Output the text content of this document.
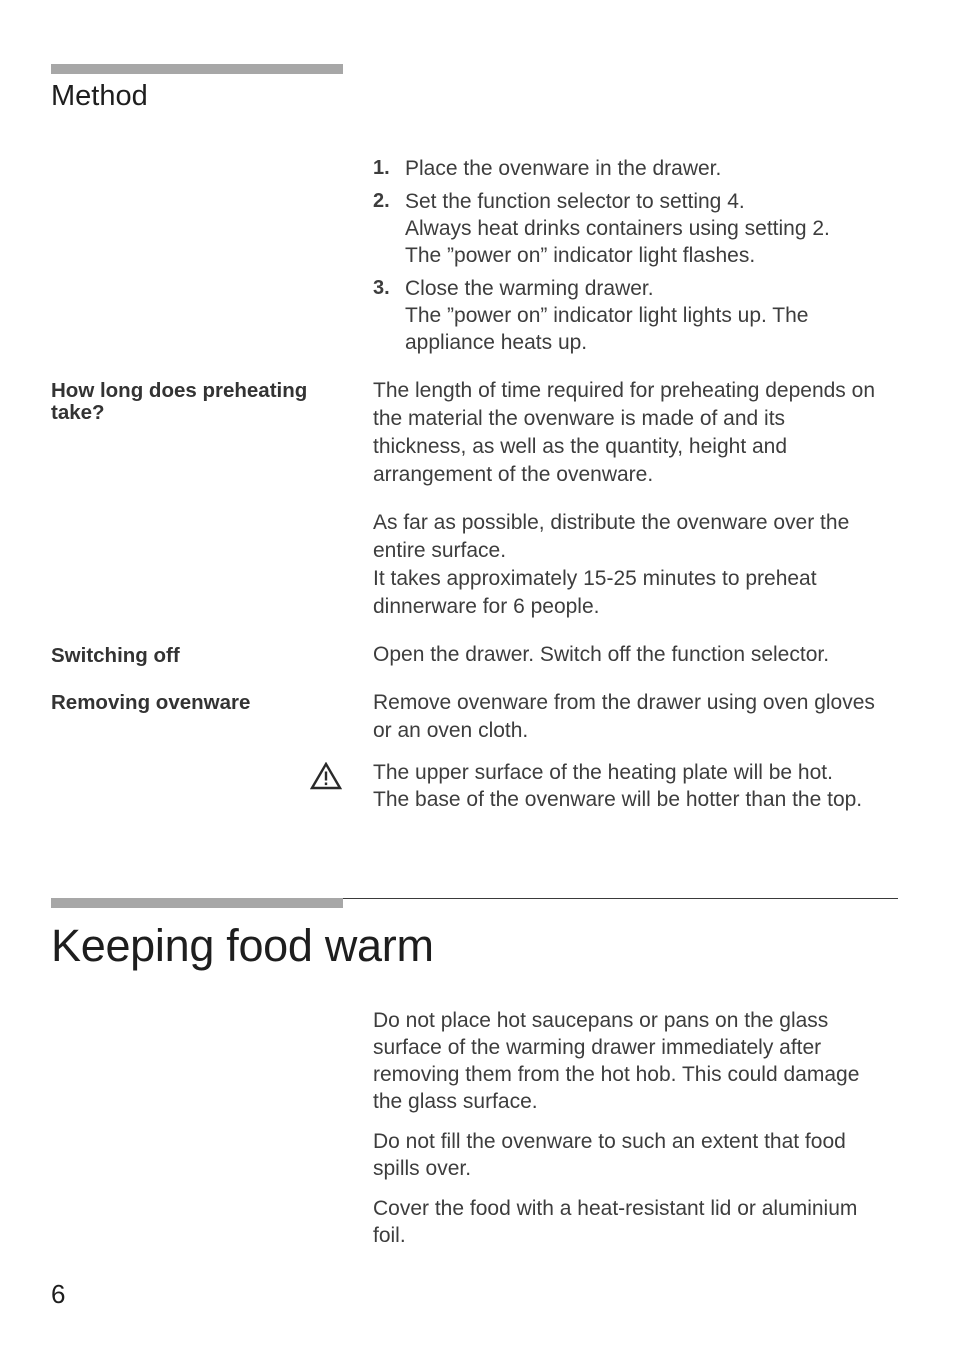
Method
1. Place the ovenware in the drawer.
2. Set the function selector to setting 4.
Always heat drinks containers using setting 2.
The ”power on” indicator light flashes.
3. Close the warming drawer.
The ”power on” indicator light lights up. The
appliance heats up.
How long does preheating take?

The length of time required for preheating depends on

the material the ovenware is made of and its

thickness, as well as the quantity, height and

arrangement of the ovenware.

As far as possible, distribute the ovenware over the

entire surface.

It takes approximately 15-25 minutes to preheat

dinnerware for 6 people.

Switching off	Open the drawer. Switch off the function selector.

Removing ovenware	Remove ovenware from the drawer using oven gloves

or an oven cloth.

The upper surface of the heating plate will be hot.

The base of the ovenware will be hotter than the top.

Keeping food warm

Do not place hot saucepans or pans on the glass

surface of the warming drawer immediately after

removing them from the hot hob. This could damage

the glass surface.

Do not fill the ovenware to such an extent that food

spills over.

Cover the food with a heat-resistant lid or aluminium

foil.

6
